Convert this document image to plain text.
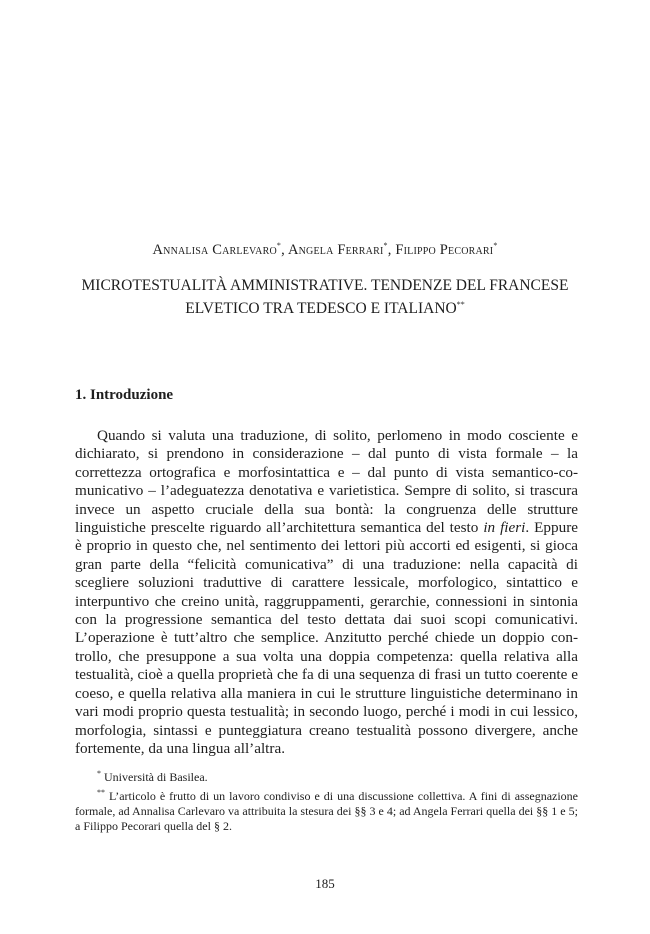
Annalisa Carlevaro*, Angela Ferrari*, Filippo Pecorari*
MICROTESTUALITÀ AMMINISTRATIVE. TENDENZE DEL FRANCESE
ELVETICO TRA TEDESCO E ITALIANO**
1. Introduzione

Quando si valuta una traduzione, di solito, perlomeno in modo cosciente e dichiarato, si prendono in considerazione – dal punto di vista formale – la correttezza ortografica e morfosintattica e – dal punto di vista semantico-comunicativo – l’adeguatezza denotativa e varietistica. Sempre di solito, si trascura invece un aspetto cruciale della sua bontà: la congruenza delle strutture linguistiche prescelte riguardo all’architettura semantica del testo in fieri. Eppure è proprio in questo che, nel sentimento dei lettori più accorti ed esigenti, si gioca gran parte della “felicità comunicativa” di una traduzione: nella capacità di scegliere soluzioni traduttive di carattere lessicale, morfologico, sintattico e interpuntivo che creino unità, raggruppamenti, gerarchie, connessioni in sintonia con la progressione semantica del testo dettata dai suoi scopi comunicativi. L’operazione è tutt’altro che semplice. Anzitutto perché chiede un doppio controllo, che presuppone a sua volta una doppia competenza: quella relativa alla testualità, cioè a quella proprietà che fa di una sequenza di frasi un tutto coerente e coeso, e quella relativa alla maniera in cui le strutture linguistiche determinano in vari modi proprio questa testualità; in secondo luogo, perché i modi in cui lessico, morfologia, sintassi e punteggiatura creano testualità possono divergere, anche fortemente, da una lingua all’altra.

* Università di Basilea.

** L’articolo è frutto di un lavoro condiviso e di una discussione collettiva. A fini di assegnazione formale, ad Annalisa Carlevaro va attribuita la stesura dei §§ 3 e 4; ad Angela Ferrari quella dei §§ 1 e 5; a Filippo Pecorari quella del § 2.

185
